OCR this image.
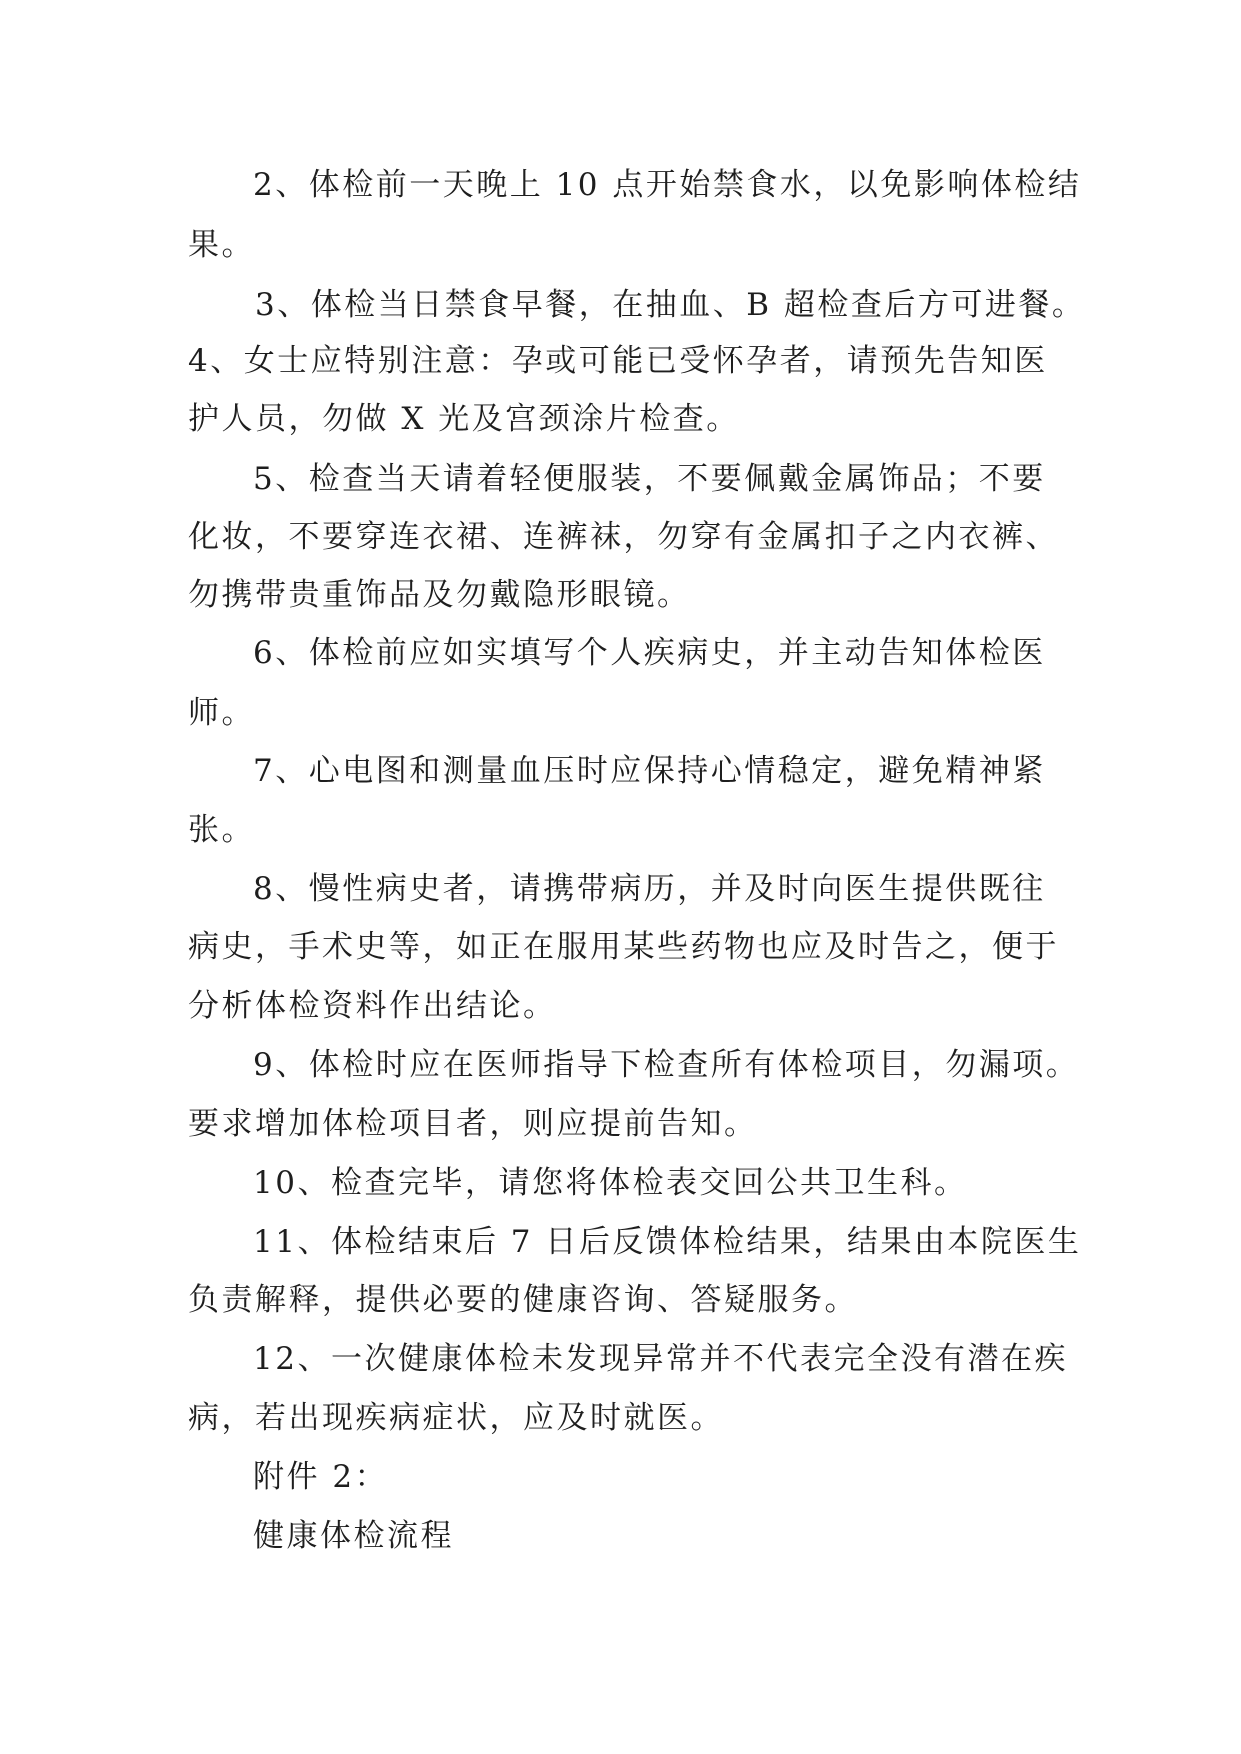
2、体检前一天晚上 10 点开始禁食水，以免影响体检结
果。
3、体检当日禁食早餐，在抽血、B 超检查后方可进餐。
4、女士应特别注意：孕或可能已受怀孕者，请预先告知医
护人员，勿做 X 光及宫颈涂片检查。
5、检查当天请着轻便服装，不要佩戴金属饰品；不要
化妆，不要穿连衣裙、连裤袜，勿穿有金属扣子之内衣裤、
勿携带贵重饰品及勿戴隐形眼镜。
6、体检前应如实填写个人疾病史，并主动告知体检医
师。
7、心电图和测量血压时应保持心情稳定，避免精神紧
张。
8、慢性病史者，请携带病历，并及时向医生提供既往
病史，手术史等，如正在服用某些药物也应及时告之，便于
分析体检资料作出结论。
9、体检时应在医师指导下检查所有体检项目，勿漏项。
要求增加体检项目者，则应提前告知。
10、检查完毕，请您将体检表交回公共卫生科。
11、体检结束后 7 日后反馈体检结果，结果由本院医生
负责解释，提供必要的健康咨询、答疑服务。
12、一次健康体检未发现异常并不代表完全没有潜在疾
病，若出现疾病症状，应及时就医。
附件 2：
健康体检流程
